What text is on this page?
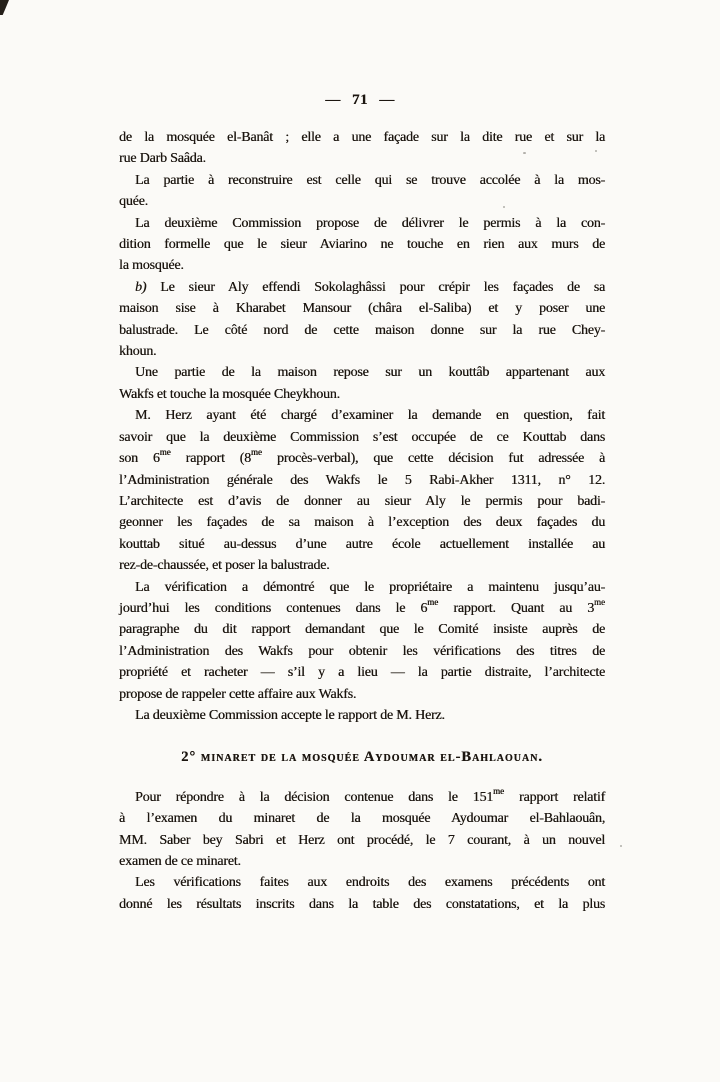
— 71 —
de la mosquée el-Banât ; elle a une façade sur la dite rue et sur la
rue Darb Saâda.
La partie à reconstruire est celle qui se trouve accolée à la mos-
quée.
La deuxième Commission propose de délivrer le permis à la con-
dition formelle que le sieur Aviarino ne touche en rien aux murs de
la mosquée.
b) Le sieur Aly effendi Sokolaghâssi pour crépir les façades de sa
maison sise à Kharabet Mansour (châra el-Saliba) et y poser une
balustrade. Le côté nord de cette maison donne sur la rue Chey-
khoun.
Une partie de la maison repose sur un kouttâb appartenant aux
Wakfs et touche la mosquée Cheykhoun.
M. Herz ayant été chargé d’examiner la demande en question, fait
savoir que la deuxième Commission s’est occupée de ce Kouttab dans
son $6^{me}$ rapport ($8^{me}$ procès-verbal), que cette décision fut adressée à
l’Administration générale des Wakfs le 5 Rabi-Akher 1311, n° 12.
L’architecte est d’avis de donner au sieur Aly le permis pour badi-
geonner les façades de sa maison à l’exception des deux façades du
kouttab situé au-dessus d’une autre école actuellement installée au
rez-de-chaussée, et poser la balustrade.
La vérification a démontré que le propriétaire a maintenu jusqu’au-
jourd’hui les conditions contenues dans le $6^{me}$ rapport. Quant au $3^{me}$
paragraphe du dit rapport demandant que le Comité insiste auprès de
l’Administration des Wakfs pour obtenir les vérifications des titres de
propriété et racheter — s’il y a lieu — la partie distraite, l’architecte
propose de rappeler cette affaire aux Wakfs.
La deuxième Commission accepte le rapport de M. Herz.
2° minaret de la mosquée Aydoumar el-Bahlaouan.
Pour répondre à la décision contenue dans le $151^{me}$ rapport relatif
à l’examen du minaret de la mosquée Aydoumar el-Bahlaouân,
MM. Saber bey Sabri et Herz ont procédé, le 7 courant, à un nouvel
examen de ce minaret.
Les vérifications faites aux endroits des examens précédents ont
donné les résultats inscrits dans la table des constatations, et la plus
